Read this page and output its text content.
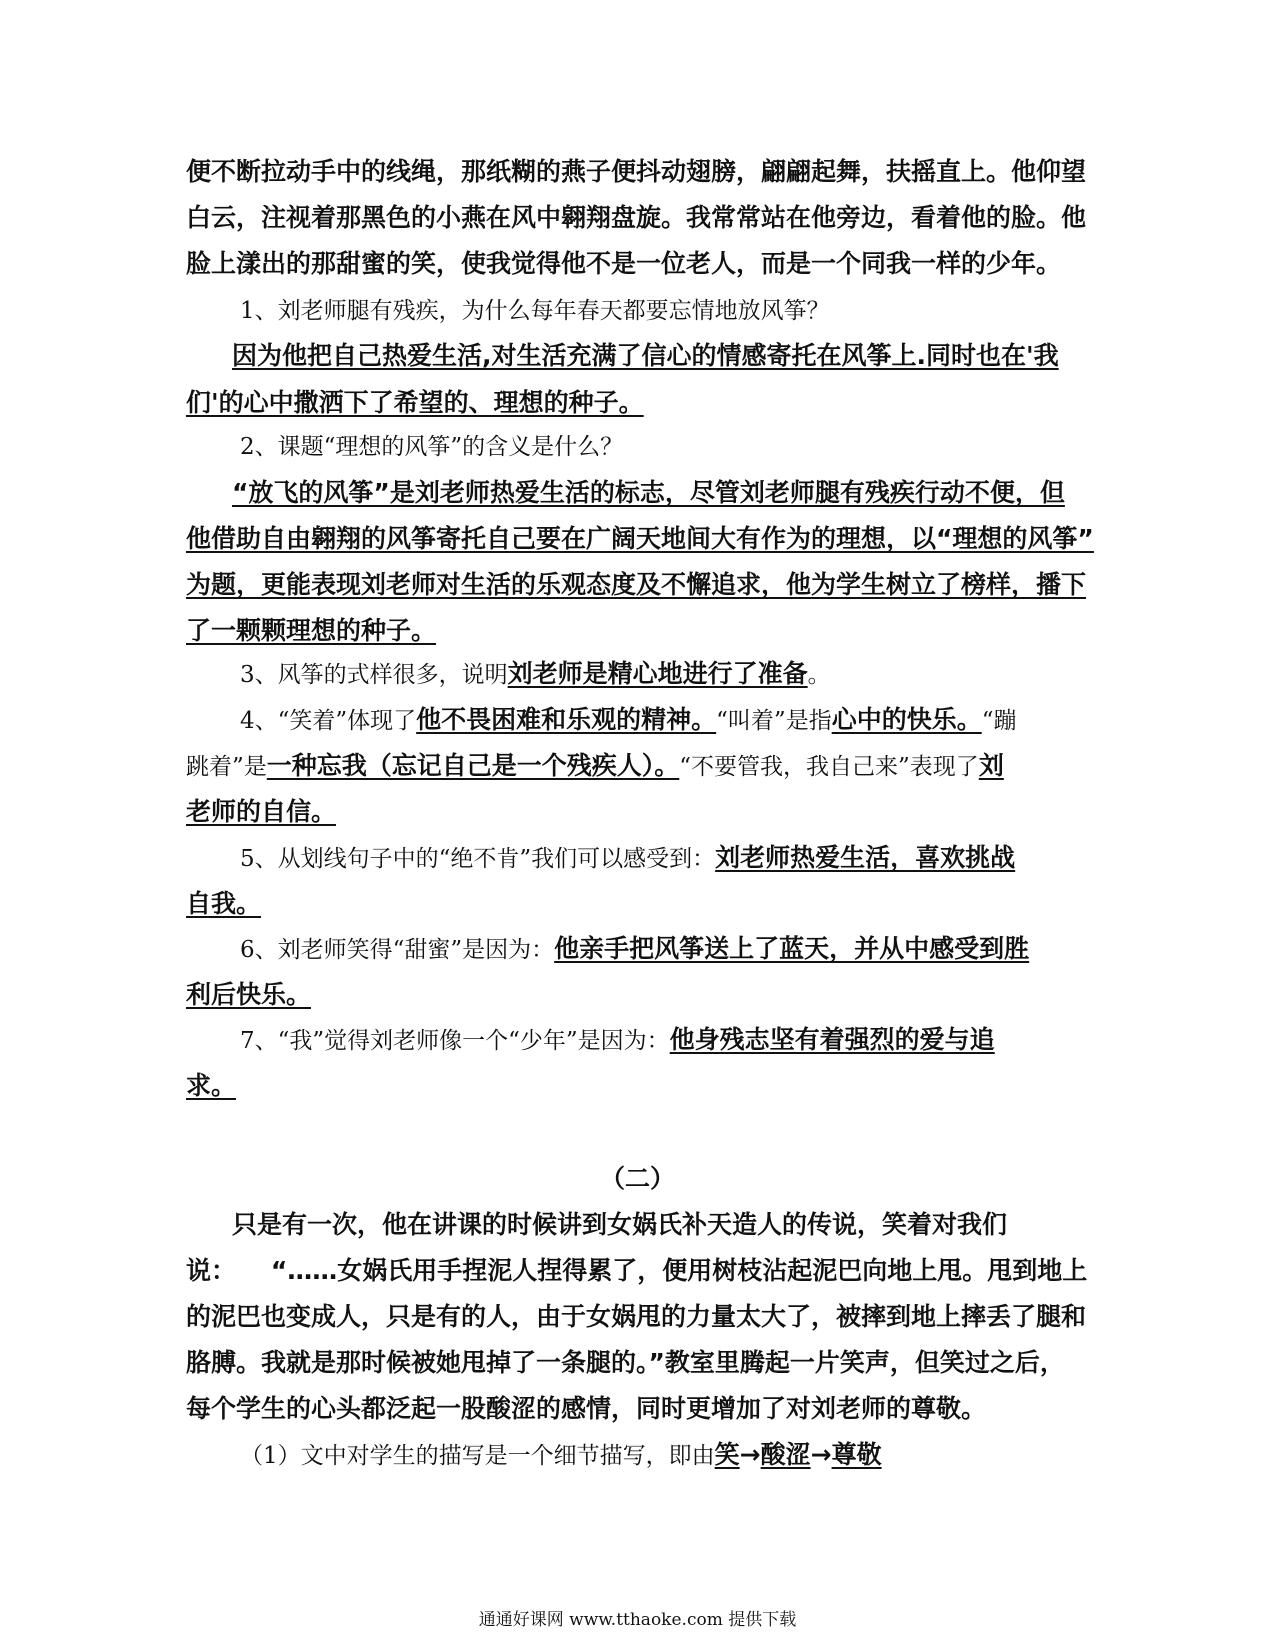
便不断拉动手中的线绳，那纸糊的燕子便抖动翅膀，翩翩起舞，扶摇直上。他仰望
白云，注视着那黑色的小燕在风中翱翔盘旋。我常常站在他旁边，看着他的脸。他
脸上漾出的那甜蜜的笑，使我觉得他不是一位老人，而是一个同我一样的少年。
1、刘老师腿有残疾，为什么每年春天都要忘情地放风筝？
因为他把自己热爱生活,对生活充满了信心的情感寄托在风筝上.同时也在'我
们'的心中撒洒下了希望的、理想的种子。
2、课题“理想的风筝”的含义是什么？
“放飞的风筝”是刘老师热爱生活的标志，尽管刘老师腿有残疾行动不便，但
他借助自由翱翔的风筝寄托自己要在广阔天地间大有作为的理想，以“理想的风筝”
为题，更能表现刘老师对生活的乐观态度及不懈追求，他为学生树立了榜样，播下
了一颗颗理想的种子。
3、风筝的式样很多，说明刘老师是精心地进行了准备。
4、“笑着”体现了他不畏困难和乐观的精神。“叫着”是指心中的快乐。“蹦
跳着”是一种忘我（忘记自己是一个残疾人）。“不要管我，我自己来”表现了刘
老师的自信。
5、从划线句子中的“绝不肯”我们可以感受到：刘老师热爱生活，喜欢挑战
自我。
6、刘老师笑得“甜蜜”是因为：他亲手把风筝送上了蓝天，并从中感受到胜
利后快乐。
7、“我”觉得刘老师像一个“少年”是因为：他身残志坚有着强烈的爱与追
求。
（二）
只是有一次，他在讲课的时候讲到女娲氏补天造人的传说，笑着对我们
说：    “……女娲氏用手捏泥人捏得累了，便用树枝沾起泥巴向地上甩。甩到地上
的泥巴也变成人，只是有的人，由于女娲甩的力量太大了，被摔到地上摔丢了腿和
胳膊。我就是那时候被她甩掉了一条腿的。”教室里腾起一片笑声，但笑过之后，
每个学生的心头都泛起一股酸涩的感情，同时更增加了对刘老师的尊敬。
（1）文中对学生的描写是一个细节描写，即由笑→酸涩→尊敬
通通好课网 www.tthaoke.com 提供下载
